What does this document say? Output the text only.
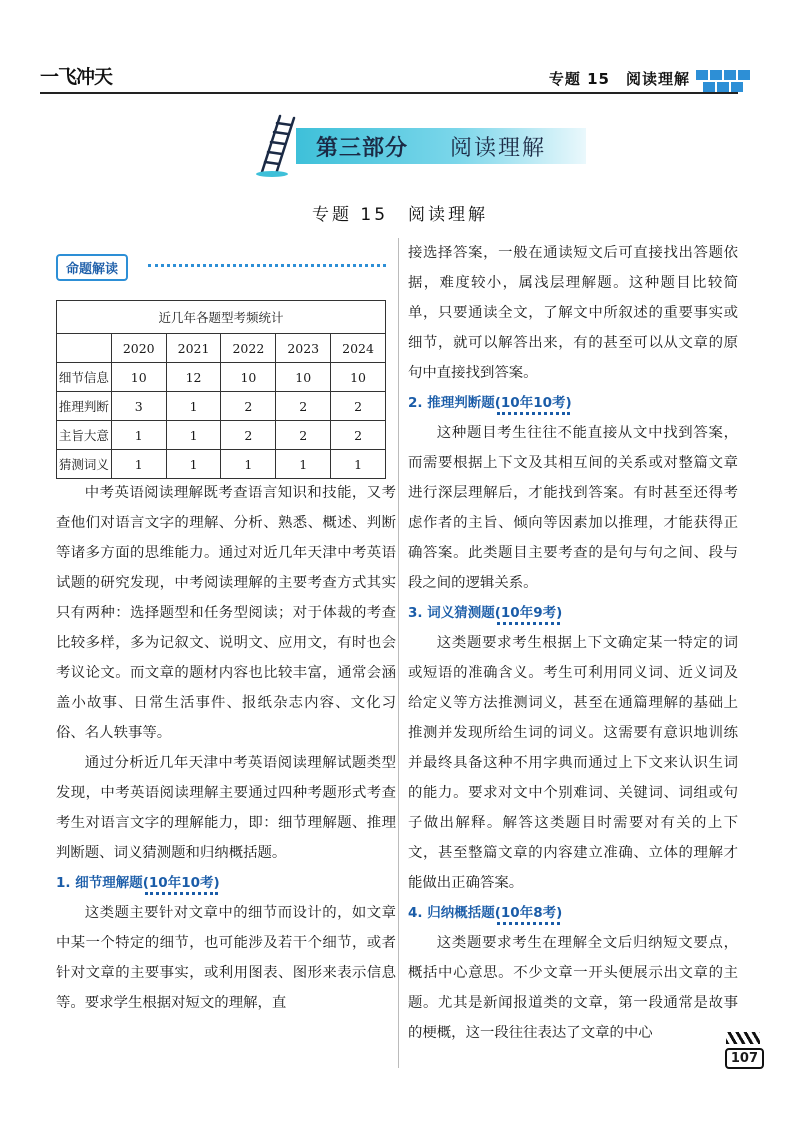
一飞冲天	专题 15　阅读理解
第三部分 阅读理解
专题 15　阅读理解
命题解读
近几年各题型考频统计					
	2020	2021	2022	2023	2024
细节信息	10	12	10	10	10
推理判断	3	1	2	2	2
主旨大意	1	1	2	2	2
猜测词义	1	1	1	1	1

中考英语阅读理解既考查语言知识和技能，又考查他们对语言文字的理解、分析、熟悉、概述、判断等诸多方面的思维能力。通过对近几年天津中考英语试题的研究发现，中考阅读理解的主要考查方式其实只有两种：选择题型和任务型阅读；对于体裁的考查比较多样，多为记叙文、说明文、应用文，有时也会考议论文。而文章的题材内容也比较丰富，通常会涵盖小故事、日常生活事件、报纸杂志内容、文化习俗、名人轶事等。

通过分析近几年天津中考英语阅读理解试题类型发现，中考英语阅读理解主要通过四种考题形式考查考生对语言文字的理解能力，即：细节理解题、推理判断题、词义猜测题和归纳概括题。

1. 细节理解题(10年10考)

这类题主要针对文章中的细节而设计的，如文章中某一个特定的细节，也可能涉及若干个细节，或者针对文章的主要事实，或利用图表、图形来表示信息等。要求学生根据对短文的理解，直

接选择答案，一般在通读短文后可直接找出答题依据，难度较小，属浅层理解题。这种题目比较简单，只要通读全文，了解文中所叙述的重要事实或细节，就可以解答出来，有的甚至可以从文章的原句中直接找到答案。

2. 推理判断题(10年10考)

这种题目考生往往不能直接从文中找到答案，而需要根据上下文及其相互间的关系或对整篇文章进行深层理解后，才能找到答案。有时甚至还得考虑作者的主旨、倾向等因素加以推理，才能获得正确答案。此类题目主要考查的是句与句之间、段与段之间的逻辑关系。

3. 词义猜测题(10年9考)

这类题要求考生根据上下文确定某一特定的词或短语的准确含义。考生可利用同义词、近义词及给定义等方法推测词义，甚至在通篇理解的基础上推测并发现所给生词的词义。这需要有意识地训练并最终具备这种不用字典而通过上下文来认识生词的能力。要求对文中个别难词、关键词、词组或句子做出解释。解答这类题目时需要对有关的上下文，甚至整篇文章的内容建立准确、立体的理解才能做出正确答案。

4. 归纳概括题(10年8考)

这类题要求考生在理解全文后归纳短文要点，概括中心意思。不少文章一开头便展示出文章的主题。尤其是新闻报道类的文章，第一段通常是故事的梗概，这一段往往表达了文章的中心

107
